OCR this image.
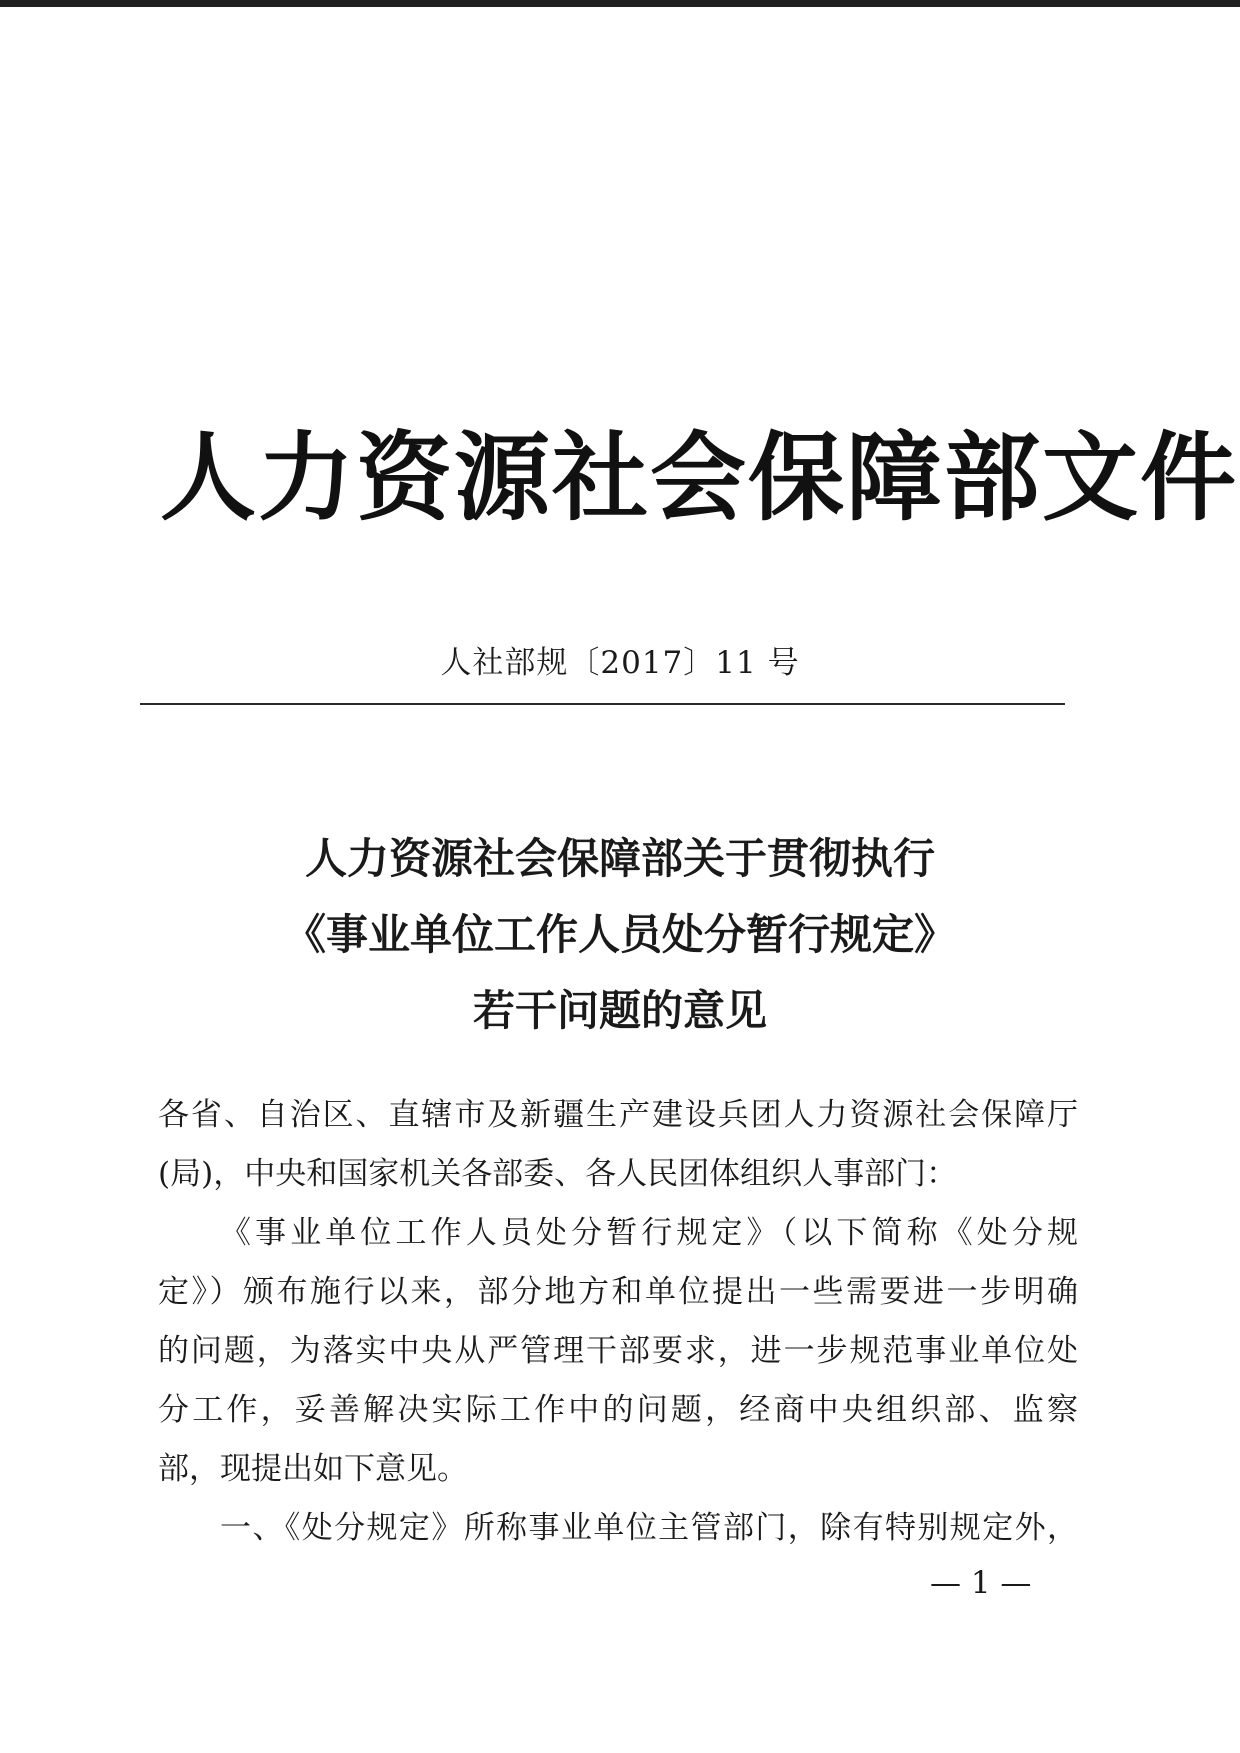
人力资源社会保障部文件
人社部规〔2017〕11 号
人力资源社会保障部关于贯彻执行
《事业单位工作人员处分暂行规定》
若干问题的意见
各省、自治区、直辖市及新疆生产建设兵团人力资源社会保障厅
(局)，中央和国家机关各部委、各人民团体组织人事部门：
《事业单位工作人员处分暂行规定》（以下简称《处分规
定》）颁布施行以来，部分地方和单位提出一些需要进一步明确
的问题，为落实中央从严管理干部要求，进一步规范事业单位处
分工作，妥善解决实际工作中的问题，经商中央组织部、监察
部，现提出如下意见。
一、《处分规定》所称事业单位主管部门，除有特别规定外，
— 1 —
